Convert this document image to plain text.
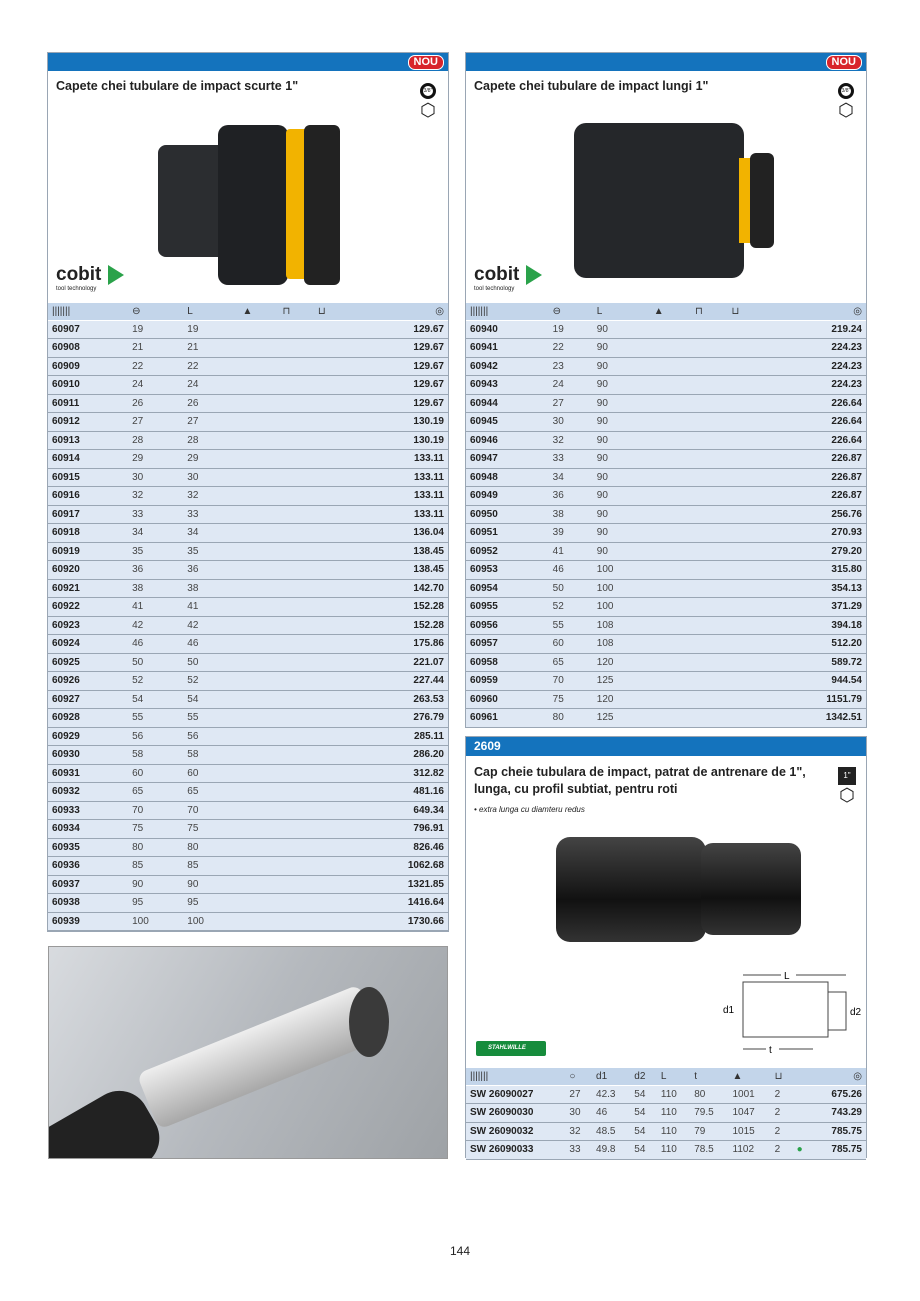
NOU
Capete chei tubulare de impact scurte 1"	3/8"
⬡
cobit
tool technology
|||||||	⊖	L	▲	⊓	⊔	◎
60907	19	19				129.67
60908	21	21				129.67
60909	22	22				129.67
60910	24	24				129.67
60911	26	26				129.67
60912	27	27				130.19
60913	28	28				130.19
60914	29	29				133.11
60915	30	30				133.11
60916	32	32				133.11
60917	33	33				133.11
60918	34	34				136.04
60919	35	35				138.45
60920	36	36				138.45
60921	38	38				142.70
60922	41	41				152.28
60923	42	42				152.28
60924	46	46				175.86
60925	50	50				221.07
60926	52	52				227.44
60927	54	54				263.53
60928	55	55				276.79
60929	56	56				285.11
60930	58	58				286.20
60931	60	60				312.82
60932	65	65				481.16
60933	70	70				649.34
60934	75	75				796.91
60935	80	80				826.46
60936	85	85				1062.68
60937	90	90				1321.85
60938	95	95				1416.64
60939	100	100				1730.66
NOU
Capete chei tubulare de impact lungi 1"	3/8"
⬡
cobit
tool technology
|||||||	⊖	L	▲	⊓	⊔	◎
60940	19	90				219.24
60941	22	90				224.23
60942	23	90				224.23
60943	24	90				224.23
60944	27	90				226.64
60945	30	90				226.64
60946	32	90				226.64
60947	33	90				226.87
60948	34	90				226.87
60949	36	90				226.87
60950	38	90				256.76
60951	39	90				270.93
60952	41	90				279.20
60953	46	100				315.80
60954	50	100				354.13
60955	52	100				371.29
60956	55	108				394.18
60957	60	108				512.20
60958	65	120				589.72
60959	70	125				944.54
60960	75	120				1151.79
60961	80	125				1342.51
2609
Cap cheie tubulara de impact, patrat de antrenare de 1", lunga, cu profil subtiat, pentru roti
• extra lunga cu diamteru redus
1"
⬡
L
t
d1	d2
STAHLWILLE
|||||||	○	d1	d2	L	t	▲	⊔		◎
SW 26090027	27	42.3	54	110	80	1001	2		675.26
SW 26090030	30	46	54	110	79.5	1047	2		743.29
SW 26090032	32	48.5	54	110	79	1015	2		785.75
SW 26090033	33	49.8	54	110	78.5	1102	2	●	785.75
144
